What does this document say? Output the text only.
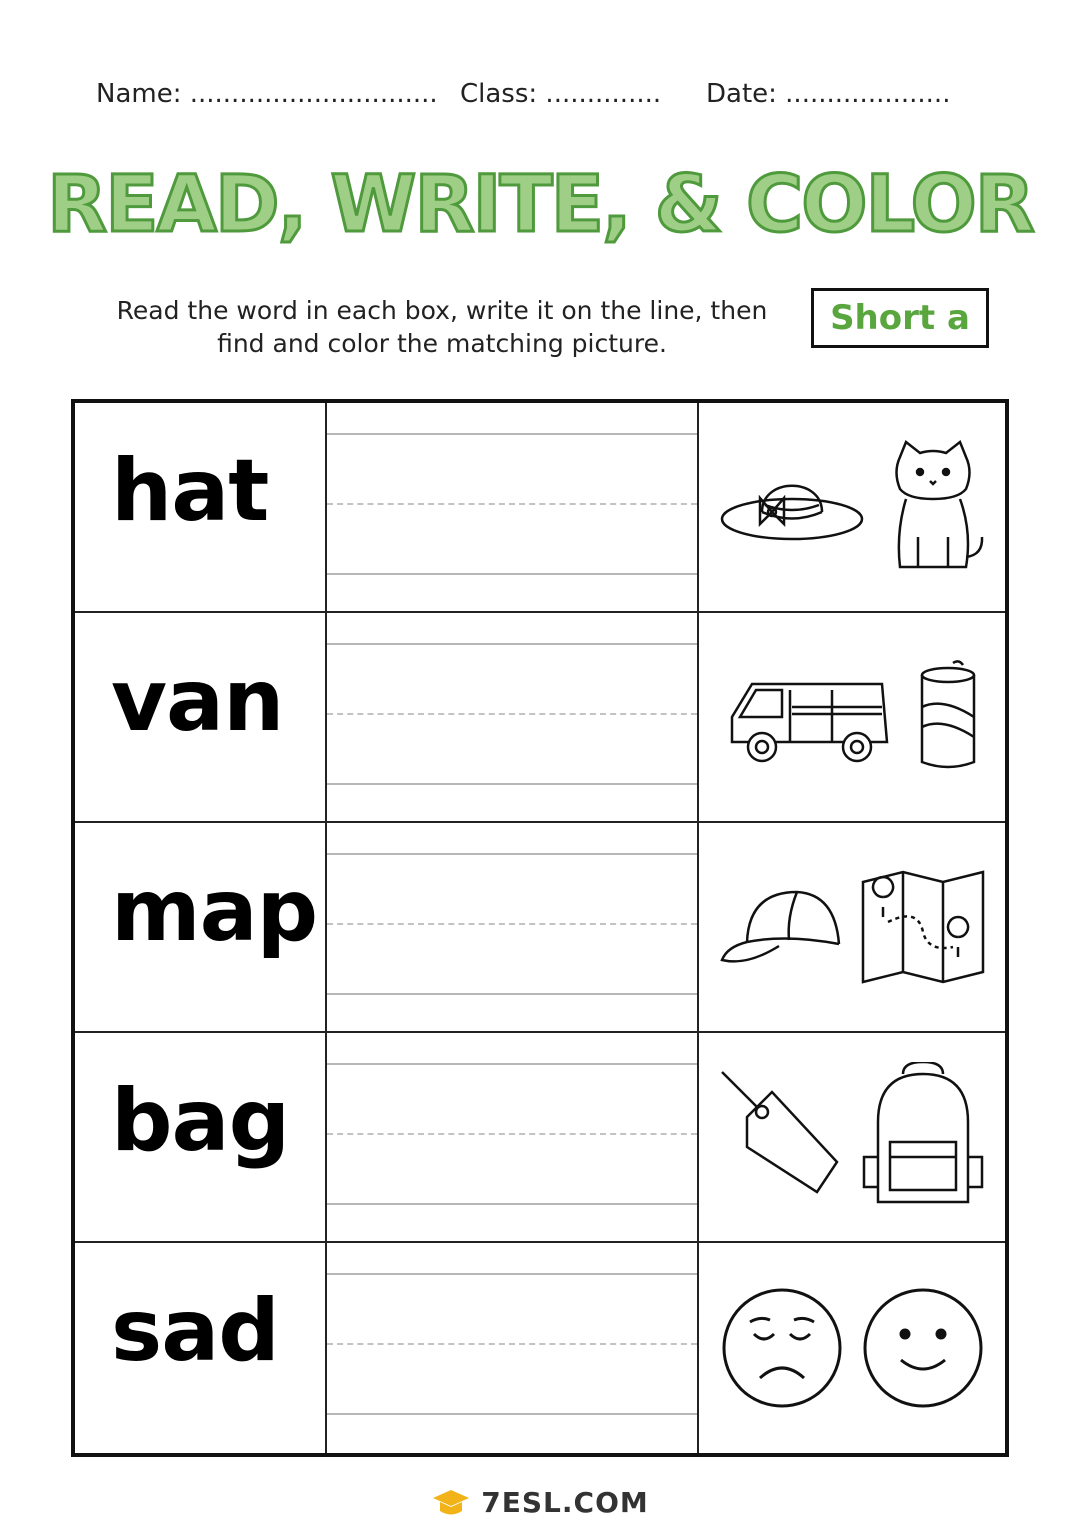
Name: .............................. Class: .............. Date: ....................
READ, WRITE, & COLOR
Read the word in each box, write it on the line, then
find and color the matching picture.
Short a
hat
van
map
bag
sad
7ESL.COM
